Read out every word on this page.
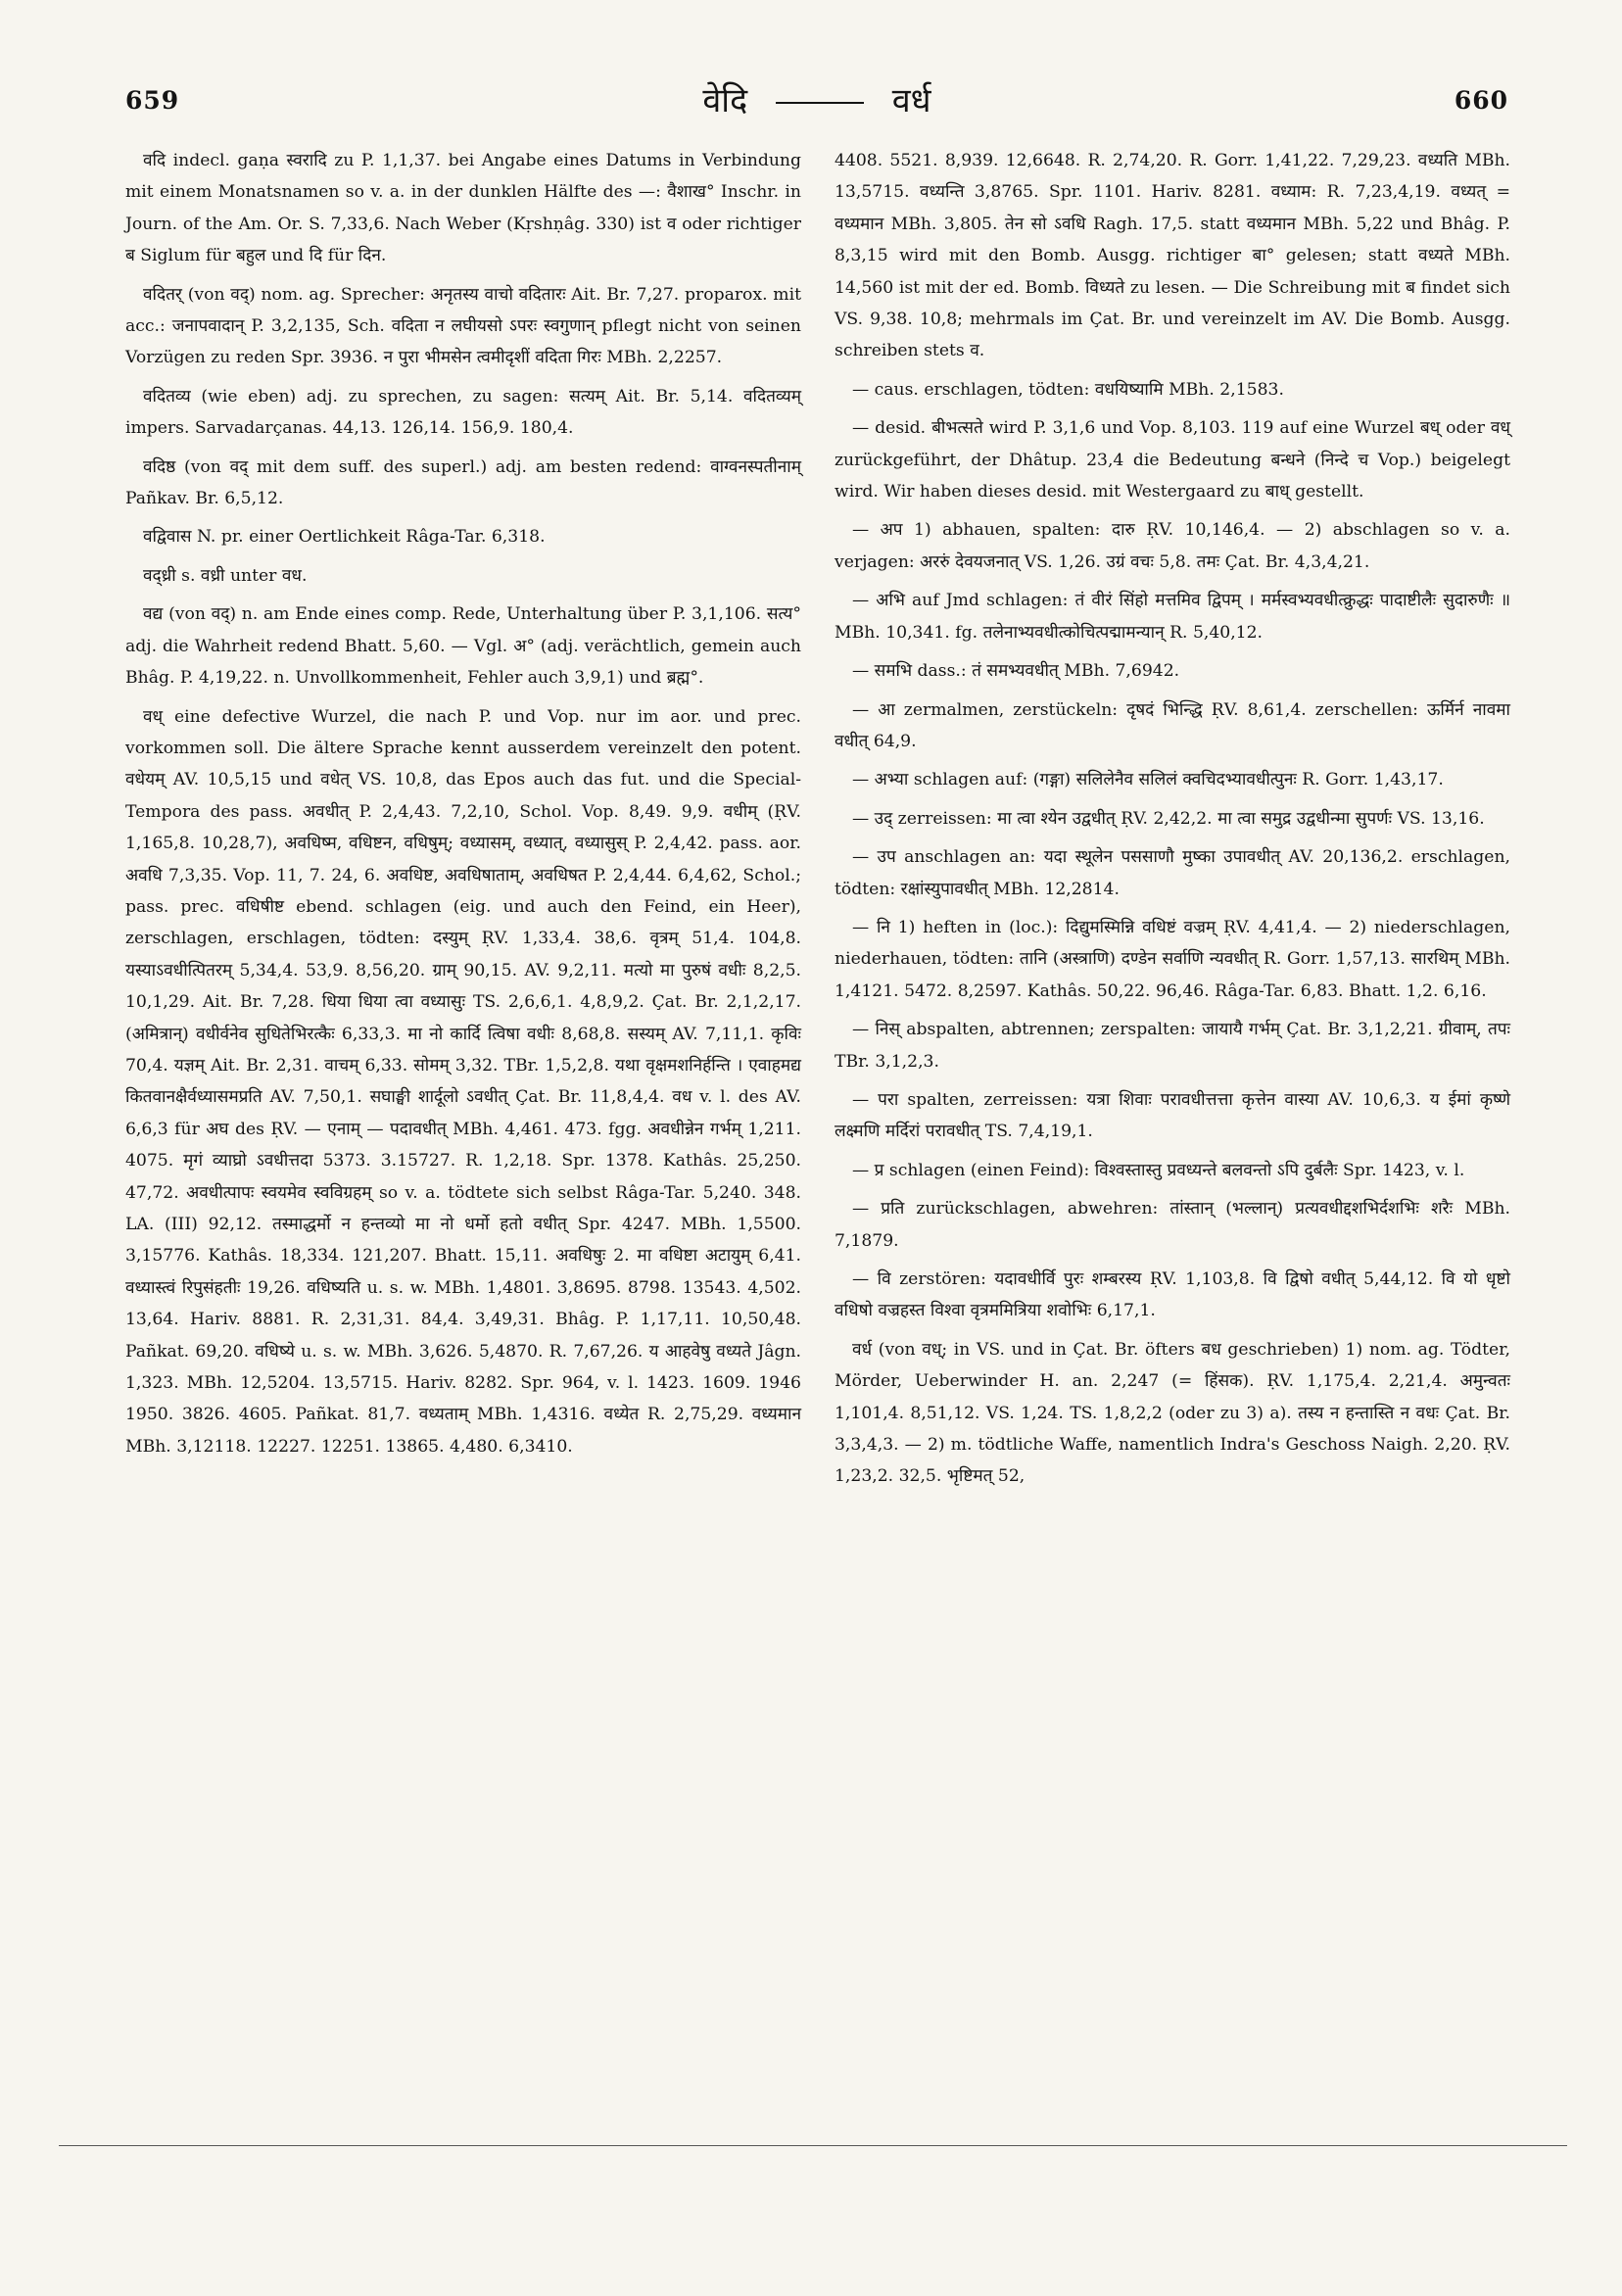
659	वेदि	वर्ध	660

वदि indecl. gaṇa स्वरादि zu P. 1,1,37. bei Angabe eines Datums in Verbindung mit einem Monatsnamen so v. a. in der dunklen Hälfte des —: वैशाख° Inschr. in Journ. of the Am. Or. S. 7,33,6. Nach Weber (Kṛshṇâg. 330) ist व oder richtiger ब Siglum für बहुल und दि für दिन.

वदितर् (von वद्) nom. ag. Sprecher: अनृतस्य वाचो वदितारः Ait. Br. 7,27. proparox. mit acc.: जनापवादान् P. 3,2,135, Sch. वदिता न लघीयसो ऽपरः स्वगुणान् pflegt nicht von seinen Vorzügen zu reden Spr. 3936. न पुरा भीमसेन त्वमीदृशीं वदिता गिरः MBh. 2,2257.

वदितव्य (wie eben) adj. zu sprechen, zu sagen: सत्यम् Ait. Br. 5,14. वदितव्यम् impers. Sarvadarçanas. 44,13. 126,14. 156,9. 180,4.

वदिष्ठ (von वद् mit dem suff. des superl.) adj. am besten redend: वाग्वनस्पतीनाम् Pañkav. Br. 6,5,12.

वद्विवास N. pr. einer Oertlichkeit Râga-Tar. 6,318.

वद्ध्री s. वध्री unter वध.

वद्य (von वद्) n. am Ende eines comp. Rede, Unterhaltung über P. 3,1,106. सत्य° adj. die Wahrheit redend Bhatt. 5,60. — Vgl. अ° (adj. verächtlich, gemein auch Bhâg. P. 4,19,22. n. Unvollkommenheit, Fehler auch 3,9,1) und ब्रह्म°.

वध् eine defective Wurzel, die nach P. und Vop. nur im aor. und prec. vorkommen soll. Die ältere Sprache kennt ausserdem vereinzelt den potent. वधेयम् AV. 10,5,15 und वधेत् VS. 10,8, das Epos auch das fut. und die Special-Tempora des pass. अवधीत् P. 2,4,43. 7,2,10, Schol. Vop. 8,49. 9,9. वधीम् (ṚV. 1,165,8. 10,28,7), अवधिष्म, वधिष्टन, वधिषुम्; वध्यासम्, वध्यात्, वध्यासुस् P. 2,4,42. pass. aor. अवधि 7,3,35. Vop. 11, 7. 24, 6. अवधिष्ट, अवधिषाताम्, अवधिषत P. 2,4,44. 6,4,62, Schol.; pass. prec. वधिषीष्ट ebend. schlagen (eig. und auch den Feind, ein Heer), zerschlagen, erschlagen, tödten: दस्युम् ṚV. 1,33,4. 38,6. वृत्रम् 51,4. 104,8. यस्याऽवधीत्पितरम् 5,34,4. 53,9. 8,56,20. ग्राम् 90,15. AV. 9,2,11. मत्यो मा पुरुषं वधीः 8,2,5. 10,1,29. Ait. Br. 7,28. धिया धिया त्वा वध्यासुः TS. 2,6,6,1. 4,8,9,2. Çat. Br. 2,1,2,17. (अमित्रान्) वधीर्वनेव सुधितेभिरत्कैः 6,33,3. मा नो कार्दि त्विषा वधीः 8,68,8. सस्यम् AV. 7,11,1. कृविः 70,4. यज्ञम् Ait. Br. 2,31. वाचम् 6,33. सोमम् 3,32. TBr. 1,5,2,8. यथा वृक्षमशनिर्हन्ति । एवाहमद्य कितवानक्षैर्वध्यासमप्रति AV. 7,50,1. सघाङ्घी शार्दूलो ऽवधीत् Çat. Br. 11,8,4,4. वध v. l. des AV. 6,6,3 für अघ des ṚV. — एनाम् — पदावधीत् MBh. 4,461. 473. fgg. अवधीन्नेन गर्भम् 1,211. 4075. मृगं व्याघ्रो ऽवधीत्तदा 5373. 3.15727. R. 1,2,18. Spr. 1378. Kathâs. 25,250. 47,72. अवधीत्पापः स्वयमेव स्वविग्रहम् so v. a. tödtete sich selbst Râga-Tar. 5,240. 348. LA. (III) 92,12. तस्माद्धर्मो न हन्तव्यो मा नो धर्मो हतो वधीत् Spr. 4247. MBh. 1,5500. 3,15776. Kathâs. 18,334. 121,207. Bhatt. 15,11. अवधिषुः 2. मा वधिष्टा अटायुम् 6,41. वध्यास्त्वं रिपुसंहतीः 19,26. वधिष्यति u. s. w. MBh. 1,4801. 3,8695. 8798. 13543. 4,502. 13,64. Hariv. 8881. R. 2,31,31. 84,4. 3,49,31. Bhâg. P. 1,17,11. 10,50,48. Pañkat. 69,20. वधिष्ये u. s. w. MBh. 3,626. 5,4870. R. 7,67,26. य आहवेषु वध्यते Jâgn. 1,323. MBh. 12,5204. 13,5715. Hariv. 8282. Spr. 964, v. l. 1423. 1609. 1946 1950. 3826. 4605. Pañkat. 81,7. वध्यताम् MBh. 1,4316. वध्येत R. 2,75,29. वध्यमान MBh. 3,12118. 12227. 12251. 13865. 4,480. 6,3410.

4408. 5521. 8,939. 12,6648. R. 2,74,20. R. Gorr. 1,41,22. 7,29,23. वध्यति MBh. 13,5715. वध्यन्ति 3,8765. Spr. 1101. Hariv. 8281. वध्याम: R. 7,23,4,19. वध्यत् = वध्यमान MBh. 3,805. तेन सो ऽवधि Ragh. 17,5. statt वध्यमान MBh. 5,22 und Bhâg. P. 8,3,15 wird mit den Bomb. Ausgg. richtiger बा° gelesen; statt वध्यते MBh. 14,560 ist mit der ed. Bomb. विध्यते zu lesen. — Die Schreibung mit ब findet sich VS. 9,38. 10,8; mehrmals im Çat. Br. und vereinzelt im AV. Die Bomb. Ausgg. schreiben stets व.

— caus. erschlagen, tödten: वधयिष्यामि MBh. 2,1583.

— desid. बीभत्सते wird P. 3,1,6 und Vop. 8,103. 119 auf eine Wurzel बध् oder वध् zurückgeführt, der Dhâtup. 23,4 die Bedeutung बन्धने (निन्दे च Vop.) beigelegt wird. Wir haben dieses desid. mit Westergaard zu बाध् gestellt.

— अप 1) abhauen, spalten: दारु ṚV. 10,146,4. — 2) abschlagen so v. a. verjagen: अररुं देवयजनात् VS. 1,26. उग्रं वचः 5,8. तमः Çat. Br. 4,3,4,21.

— अभि auf Jmd schlagen: तं वीरं सिंहो मत्तमिव द्विपम् । मर्मस्वभ्यवधीत्क्रुद्धः पादाष्टीलैः सुदारुणैः ॥ MBh. 10,341. fg. तलेनाभ्यवधीत्कोचित्पद्मामन्यान् R. 5,40,12.

— समभि dass.: तं समभ्यवधीत् MBh. 7,6942.

— आ zermalmen, zerstückeln: दृषदं भिन्द्धि ṚV. 8,61,4. zerschellen: ऊर्मिर्न नावमा वधीत् 64,9.

— अभ्या schlagen auf: (गङ्गा) सलिलेनैव सलिलं क्वचिदभ्यावधीत्पुनः R. Gorr. 1,43,17.

— उद् zerreissen: मा त्वा श्येन उद्वधीत् ṚV. 2,42,2. मा त्वा समुद्र उद्वधीन्मा सुपर्णः VS. 13,16.

— उप anschlagen an: यदा स्थूलेन पससाणौ मुष्का उपावधीत् AV. 20,136,2. erschlagen, tödten: रक्षांस्युपावधीत् MBh. 12,2814.

— नि 1) heften in (loc.): दिद्युमस्मिन्नि वधिष्टं वज्रम् ṚV. 4,41,4. — 2) niederschlagen, niederhauen, tödten: तानि (अस्त्राणि) दण्डेन सर्वाणि न्यवधीत् R. Gorr. 1,57,13. सारथिम् MBh. 1,4121. 5472. 8,2597. Kathâs. 50,22. 96,46. Râga-Tar. 6,83. Bhatt. 1,2. 6,16.

— निस् abspalten, abtrennen; zerspalten: जायायै गर्भम् Çat. Br. 3,1,2,21. ग्रीवाम्, तपः TBr. 3,1,2,3.

— परा spalten, zerreissen: यत्रा शिवाः परावधीत्तत्ता कृत्तेन वास्या AV. 10,6,3. य ईमां कृष्णे लक्ष्मणि मर्दिरां परावधीत् TS. 7,4,19,1.

— प्र schlagen (einen Feind): विश्वस्तास्तु प्रवध्यन्ते बलवन्तो ऽपि दुर्बलैः Spr. 1423, v. l.

— प्रति zurückschlagen, abwehren: तांस्तान् (भल्लान्) प्रत्यवधीद्दशभिर्दशभिः शरैः MBh. 7,1879.

— वि zerstören: यदावधीर्वि पुरः शम्बरस्य ṚV. 1,103,8. वि द्विषो वधीत् 5,44,12. वि यो धृष्टो वधिषो वज्रहस्त विश्वा वृत्रममित्रिया शवोभिः 6,17,1.

वर्ध (von वध्; in VS. und in Çat. Br. öfters बध geschrieben) 1) nom. ag. Tödter, Mörder, Ueberwinder H. an. 2,247 (= हिंसक). ṚV. 1,175,4. 2,21,4. अमुन्वतः 1,101,4. 8,51,12. VS. 1,24. TS. 1,8,2,2 (oder zu 3) a). तस्य न हन्तास्ति न वधः Çat. Br. 3,3,4,3. — 2) m. tödtliche Waffe, namentlich Indra's Geschoss Naigh. 2,20. ṚV. 1,23,2. 32,5. भृष्टिमत् 52,
